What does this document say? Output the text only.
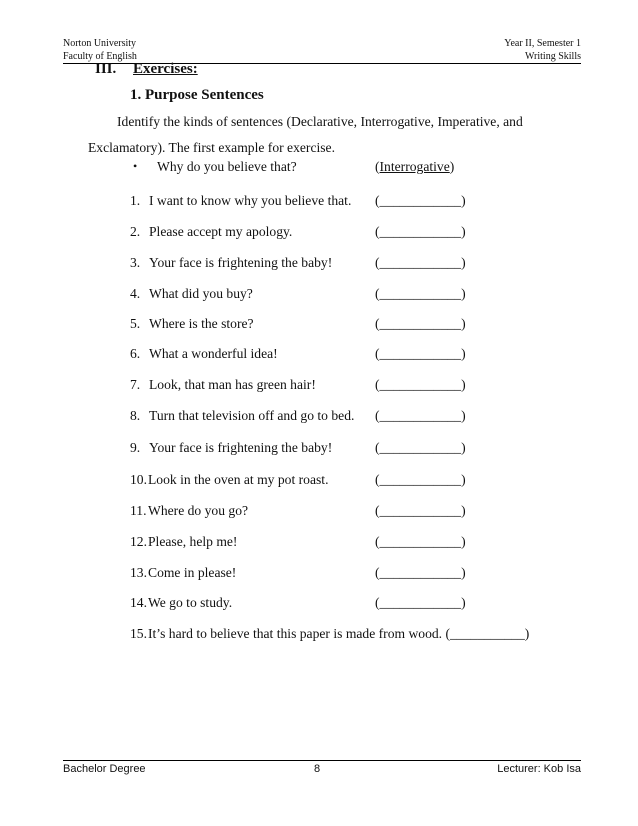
Norton University
Faculty of English
Year II, Semester 1
Writing Skills
III. Exercises:
1. Purpose Sentences
Identify the kinds of sentences (Declarative, Interrogative, Imperative, and
Exclamatory). The first example for exercise.
• Why do you believe that?	(Interrogative)
1. I want to know why you believe that. (____________)
2. Please accept my apology.	(____________)
3. Your face is frightening the baby!	(____________)
4. What did you buy?	(____________)
5. Where is the store?	(____________)
6. What a wonderful idea!	(____________)
7. Look, that man has green hair!	(____________)
8. Turn that television off and go to bed. (____________)
9. Your face is frightening the baby!	(____________)
10. Look in the oven at my pot roast.	(____________)
11. Where do you go?	(____________)
12. Please, help me!	(____________)
13. Come in please!	(____________)
14. We go to study.	(____________)
15. It’s hard to believe that this paper is made from wood. (___________)
Bachelor Degree	8	Lecturer: Kob Isa
